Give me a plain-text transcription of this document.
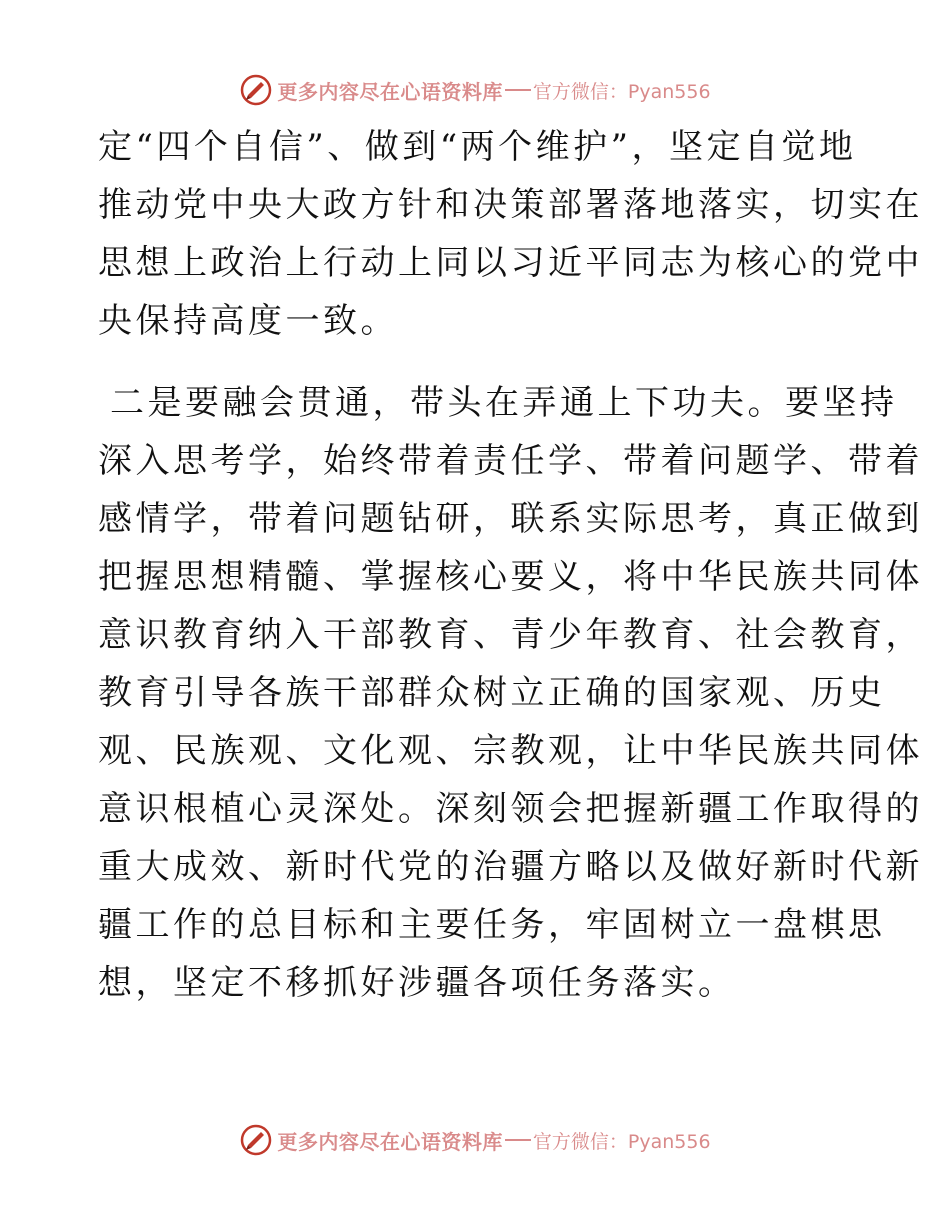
更多内容尽在心语资料库 官方微信：Pyan556
定“四个自信”、做到“两个维护”，坚定自觉地
推动党中央大政方针和决策部署落地落实，切实在
思想上政治上行动上同以习近平同志为核心的党中
央保持高度一致。
二是要融会贯通，带头在弄通上下功夫。要坚持
深入思考学，始终带着责任学、带着问题学、带着
感情学，带着问题钻研，联系实际思考，真正做到
把握思想精髓、掌握核心要义，将中华民族共同体
意识教育纳入干部教育、青少年教育、社会教育，
教育引导各族干部群众树立正确的国家观、历史
观、民族观、文化观、宗教观，让中华民族共同体
意识根植心灵深处。深刻领会把握新疆工作取得的
重大成效、新时代党的治疆方略以及做好新时代新
疆工作的总目标和主要任务，牢固树立一盘棋思
想，坚定不移抓好涉疆各项任务落实。
更多内容尽在心语资料库 官方微信：Pyan556
